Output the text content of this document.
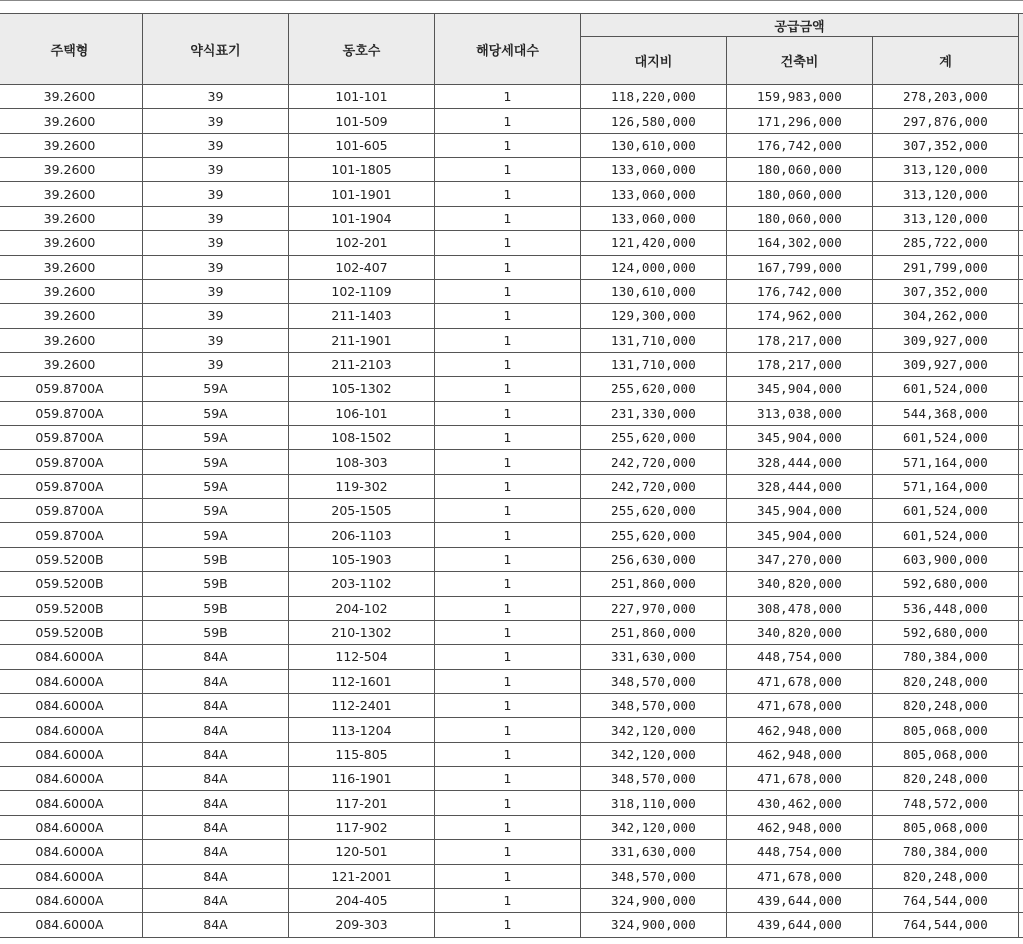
주택형	약식표기	동호수	해당세대수	공급금액			
				대지비	건축비	계	
39.2600	39	101-101	1	118,220,000	159,983,000	278,203,000	
39.2600	39	101-509	1	126,580,000	171,296,000	297,876,000	
39.2600	39	101-605	1	130,610,000	176,742,000	307,352,000	
39.2600	39	101-1805	1	133,060,000	180,060,000	313,120,000	
39.2600	39	101-1901	1	133,060,000	180,060,000	313,120,000	
39.2600	39	101-1904	1	133,060,000	180,060,000	313,120,000	
39.2600	39	102-201	1	121,420,000	164,302,000	285,722,000	
39.2600	39	102-407	1	124,000,000	167,799,000	291,799,000	
39.2600	39	102-1109	1	130,610,000	176,742,000	307,352,000	
39.2600	39	211-1403	1	129,300,000	174,962,000	304,262,000	
39.2600	39	211-1901	1	131,710,000	178,217,000	309,927,000	
39.2600	39	211-2103	1	131,710,000	178,217,000	309,927,000	
059.8700A	59A	105-1302	1	255,620,000	345,904,000	601,524,000	
059.8700A	59A	106-101	1	231,330,000	313,038,000	544,368,000	
059.8700A	59A	108-1502	1	255,620,000	345,904,000	601,524,000	
059.8700A	59A	108-303	1	242,720,000	328,444,000	571,164,000	
059.8700A	59A	119-302	1	242,720,000	328,444,000	571,164,000	
059.8700A	59A	205-1505	1	255,620,000	345,904,000	601,524,000	
059.8700A	59A	206-1103	1	255,620,000	345,904,000	601,524,000	
059.5200B	59B	105-1903	1	256,630,000	347,270,000	603,900,000	
059.5200B	59B	203-1102	1	251,860,000	340,820,000	592,680,000	
059.5200B	59B	204-102	1	227,970,000	308,478,000	536,448,000	
059.5200B	59B	210-1302	1	251,860,000	340,820,000	592,680,000	
084.6000A	84A	112-504	1	331,630,000	448,754,000	780,384,000	
084.6000A	84A	112-1601	1	348,570,000	471,678,000	820,248,000	
084.6000A	84A	112-2401	1	348,570,000	471,678,000	820,248,000	
084.6000A	84A	113-1204	1	342,120,000	462,948,000	805,068,000	
084.6000A	84A	115-805	1	342,120,000	462,948,000	805,068,000	
084.6000A	84A	116-1901	1	348,570,000	471,678,000	820,248,000	
084.6000A	84A	117-201	1	318,110,000	430,462,000	748,572,000	
084.6000A	84A	117-902	1	342,120,000	462,948,000	805,068,000	
084.6000A	84A	120-501	1	331,630,000	448,754,000	780,384,000	
084.6000A	84A	121-2001	1	348,570,000	471,678,000	820,248,000	
084.6000A	84A	204-405	1	324,900,000	439,644,000	764,544,000	
084.6000A	84A	209-303	1	324,900,000	439,644,000	764,544,000	
